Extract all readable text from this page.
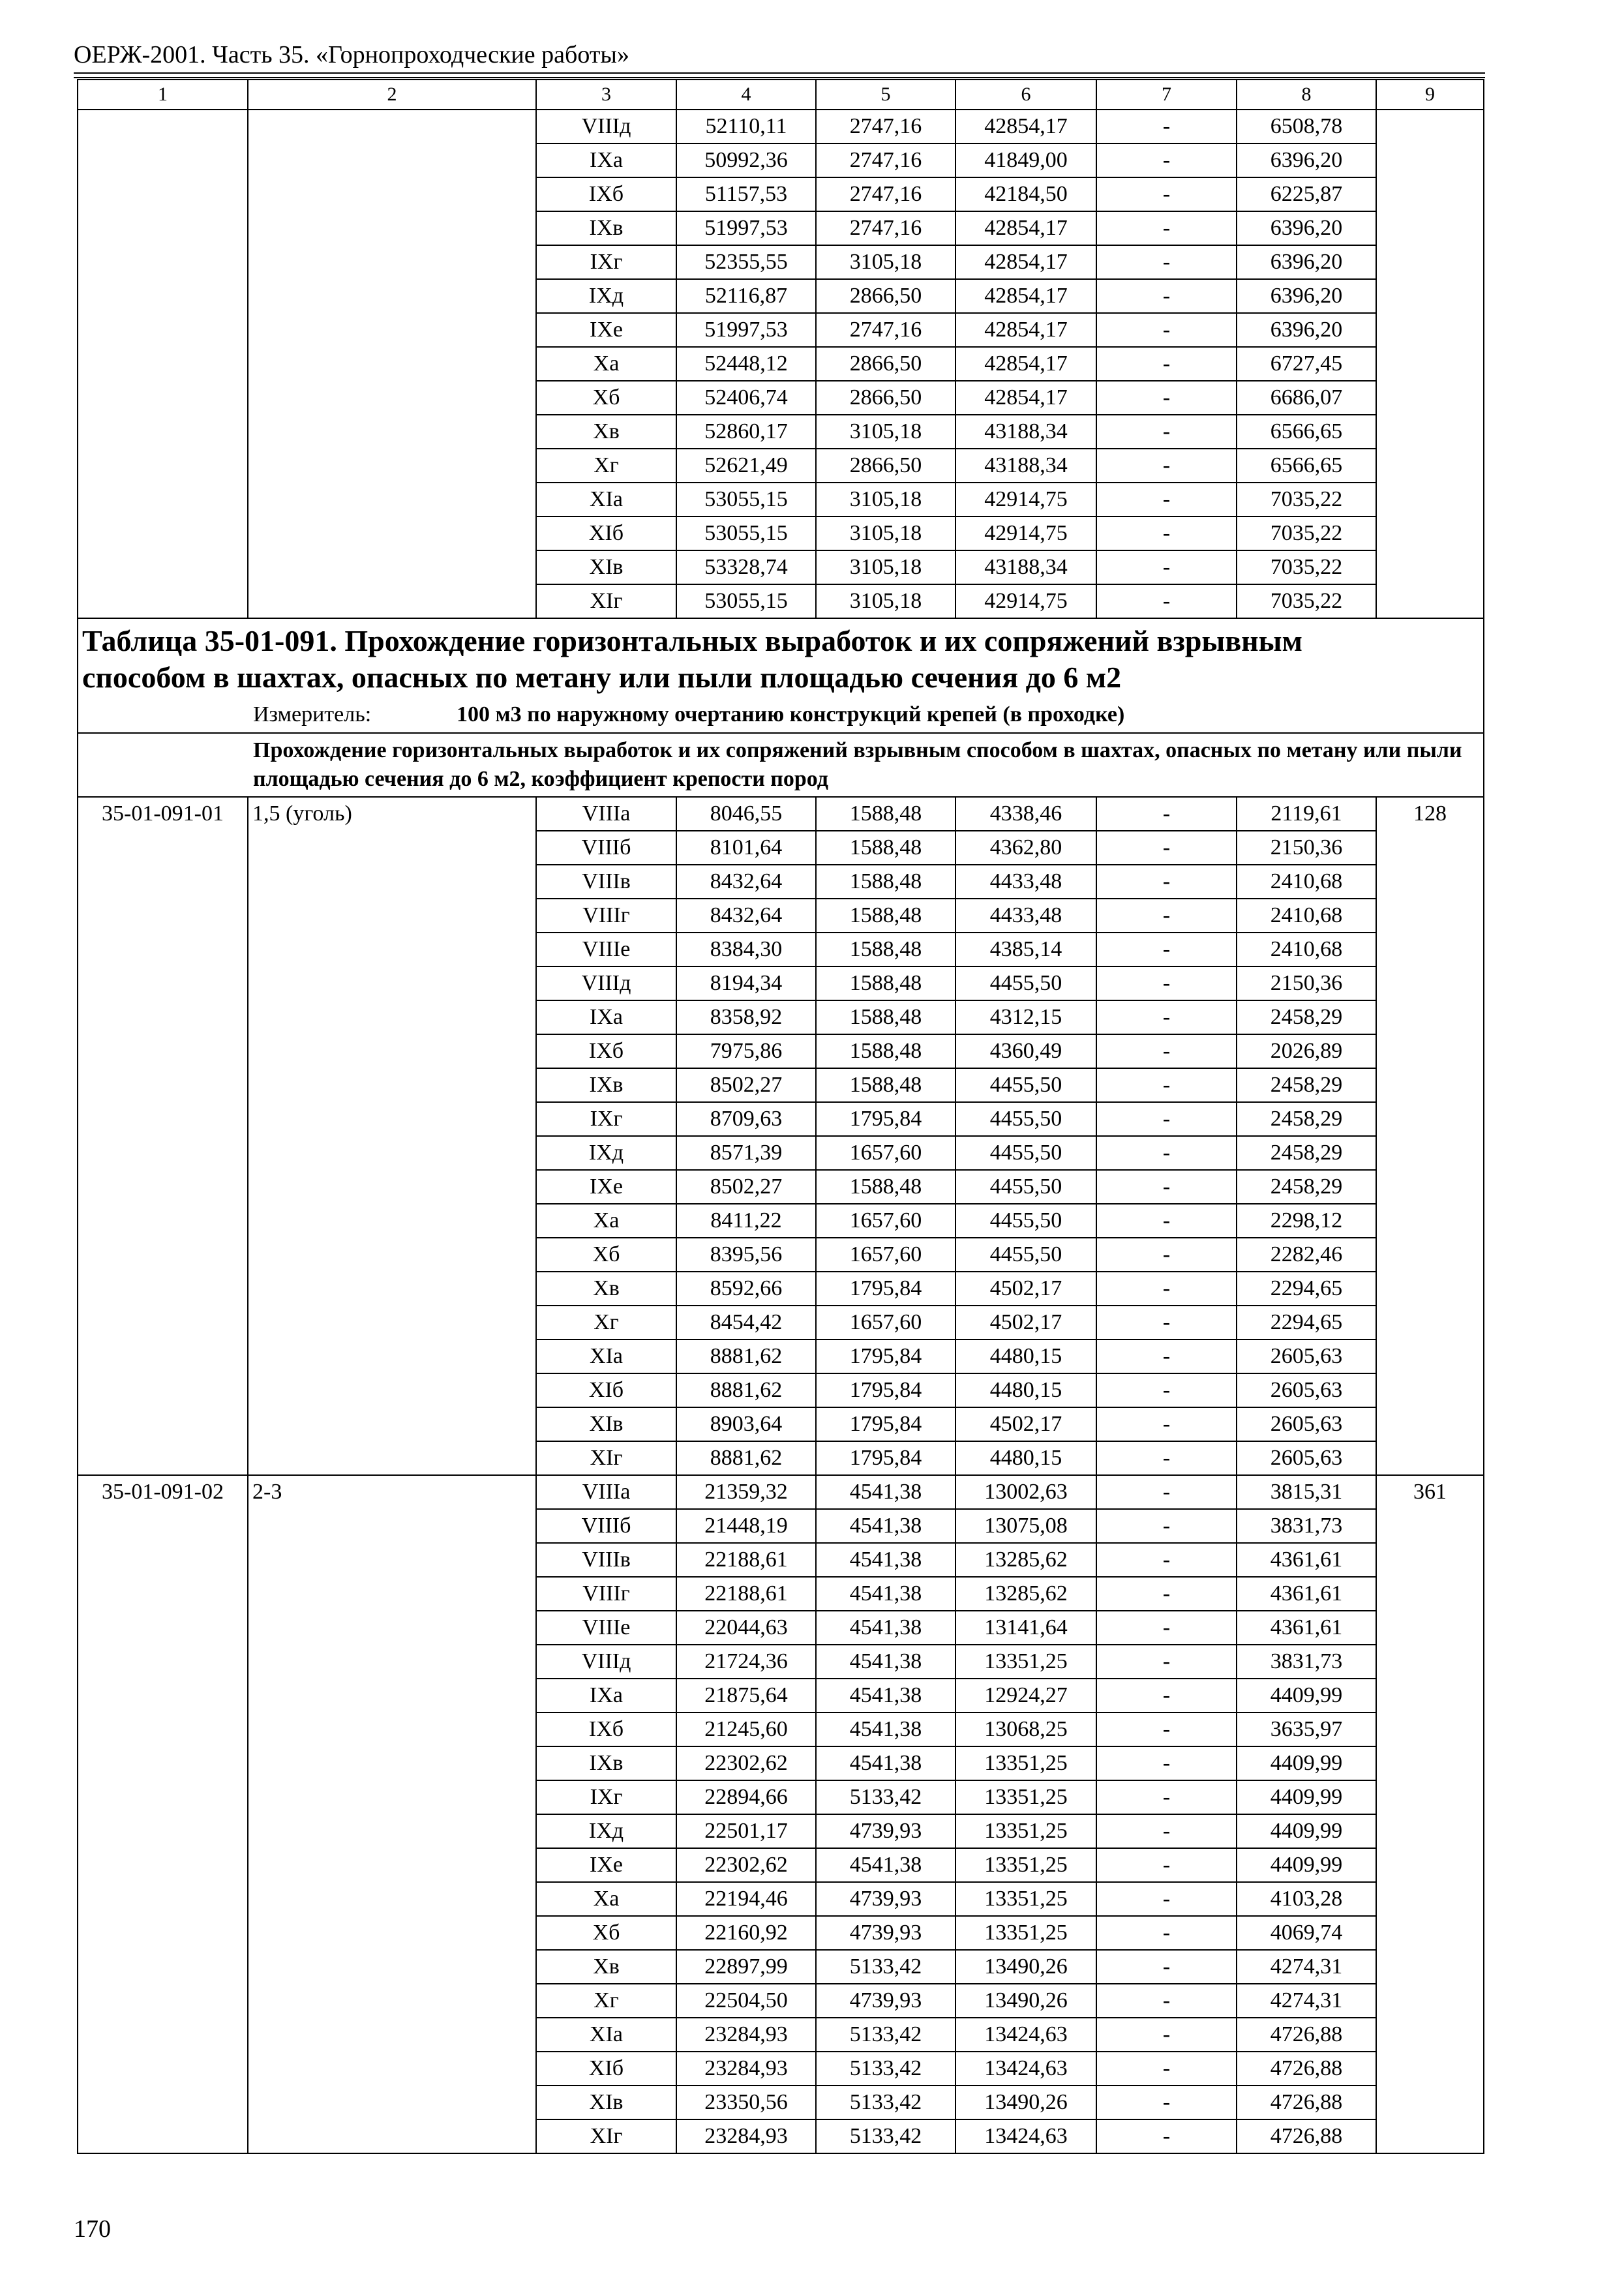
ОЕРЖ-2001. Часть 35. «Горнопроходческие работы»
1	2	3	4	5	6	7	8	9
		VIIIд	52110,11	2747,16	42854,17	-	6508,78	
		IXа	50992,36	2747,16	41849,00	-	6396,20	
		IXб	51157,53	2747,16	42184,50	-	6225,87	
		IXв	51997,53	2747,16	42854,17	-	6396,20	
		IXг	52355,55	3105,18	42854,17	-	6396,20	
		IXд	52116,87	2866,50	42854,17	-	6396,20	
		IXе	51997,53	2747,16	42854,17	-	6396,20	
		Xа	52448,12	2866,50	42854,17	-	6727,45	
		Xб	52406,74	2866,50	42854,17	-	6686,07	
		Xв	52860,17	3105,18	43188,34	-	6566,65	
		Xг	52621,49	2866,50	43188,34	-	6566,65	
		XIа	53055,15	3105,18	42914,75	-	7035,22	
		XIб	53055,15	3105,18	42914,75	-	7035,22	
		XIв	53328,74	3105,18	43188,34	-	7035,22	
		XIг	53055,15	3105,18	42914,75	-	7035,22	

Таблица 35-01-091. Прохождение горизонтальных выработок и их сопряжений взрывным
способом в шахтах, опасных по метану или пыли площадью сечения до 6 м2
Измеритель: 100 м3 по наружному очертанию конструкций крепей (в проходке)								

Прохождение горизонтальных выработок и их сопряжений взрывным способом в шахтах, опасных по метану или пыли площадью сечения до 6 м2, коэффициент крепости пород								
35-01-091-01	1,5 (уголь)	VIIIа	8046,55	1588,48	4338,46	-	2119,61	128
		VIIIб	8101,64	1588,48	4362,80	-	2150,36	
		VIIIв	8432,64	1588,48	4433,48	-	2410,68	
		VIIIг	8432,64	1588,48	4433,48	-	2410,68	
		VIIIе	8384,30	1588,48	4385,14	-	2410,68	
		VIIIд	8194,34	1588,48	4455,50	-	2150,36	
		IXа	8358,92	1588,48	4312,15	-	2458,29	
		IXб	7975,86	1588,48	4360,49	-	2026,89	
		IXв	8502,27	1588,48	4455,50	-	2458,29	
		IXг	8709,63	1795,84	4455,50	-	2458,29	
		IXд	8571,39	1657,60	4455,50	-	2458,29	
		IXе	8502,27	1588,48	4455,50	-	2458,29	
		Xа	8411,22	1657,60	4455,50	-	2298,12	
		Xб	8395,56	1657,60	4455,50	-	2282,46	
		Xв	8592,66	1795,84	4502,17	-	2294,65	
		Xг	8454,42	1657,60	4502,17	-	2294,65	
		XIа	8881,62	1795,84	4480,15	-	2605,63	
		XIб	8881,62	1795,84	4480,15	-	2605,63	
		XIв	8903,64	1795,84	4502,17	-	2605,63	
		XIг	8881,62	1795,84	4480,15	-	2605,63	
35-01-091-02	2-3	VIIIа	21359,32	4541,38	13002,63	-	3815,31	361
		VIIIб	21448,19	4541,38	13075,08	-	3831,73	
		VIIIв	22188,61	4541,38	13285,62	-	4361,61	
		VIIIг	22188,61	4541,38	13285,62	-	4361,61	
		VIIIе	22044,63	4541,38	13141,64	-	4361,61	
		VIIIд	21724,36	4541,38	13351,25	-	3831,73	
		IXа	21875,64	4541,38	12924,27	-	4409,99	
		IXб	21245,60	4541,38	13068,25	-	3635,97	
		IXв	22302,62	4541,38	13351,25	-	4409,99	
		IXг	22894,66	5133,42	13351,25	-	4409,99	
		IXд	22501,17	4739,93	13351,25	-	4409,99	
		IXе	22302,62	4541,38	13351,25	-	4409,99	
		Xа	22194,46	4739,93	13351,25	-	4103,28	
		Xб	22160,92	4739,93	13351,25	-	4069,74	
		Xв	22897,99	5133,42	13490,26	-	4274,31	
		Xг	22504,50	4739,93	13490,26	-	4274,31	
		XIа	23284,93	5133,42	13424,63	-	4726,88	
		XIб	23284,93	5133,42	13424,63	-	4726,88	
		XIв	23350,56	5133,42	13490,26	-	4726,88	
		XIг	23284,93	5133,42	13424,63	-	4726,88	
170
